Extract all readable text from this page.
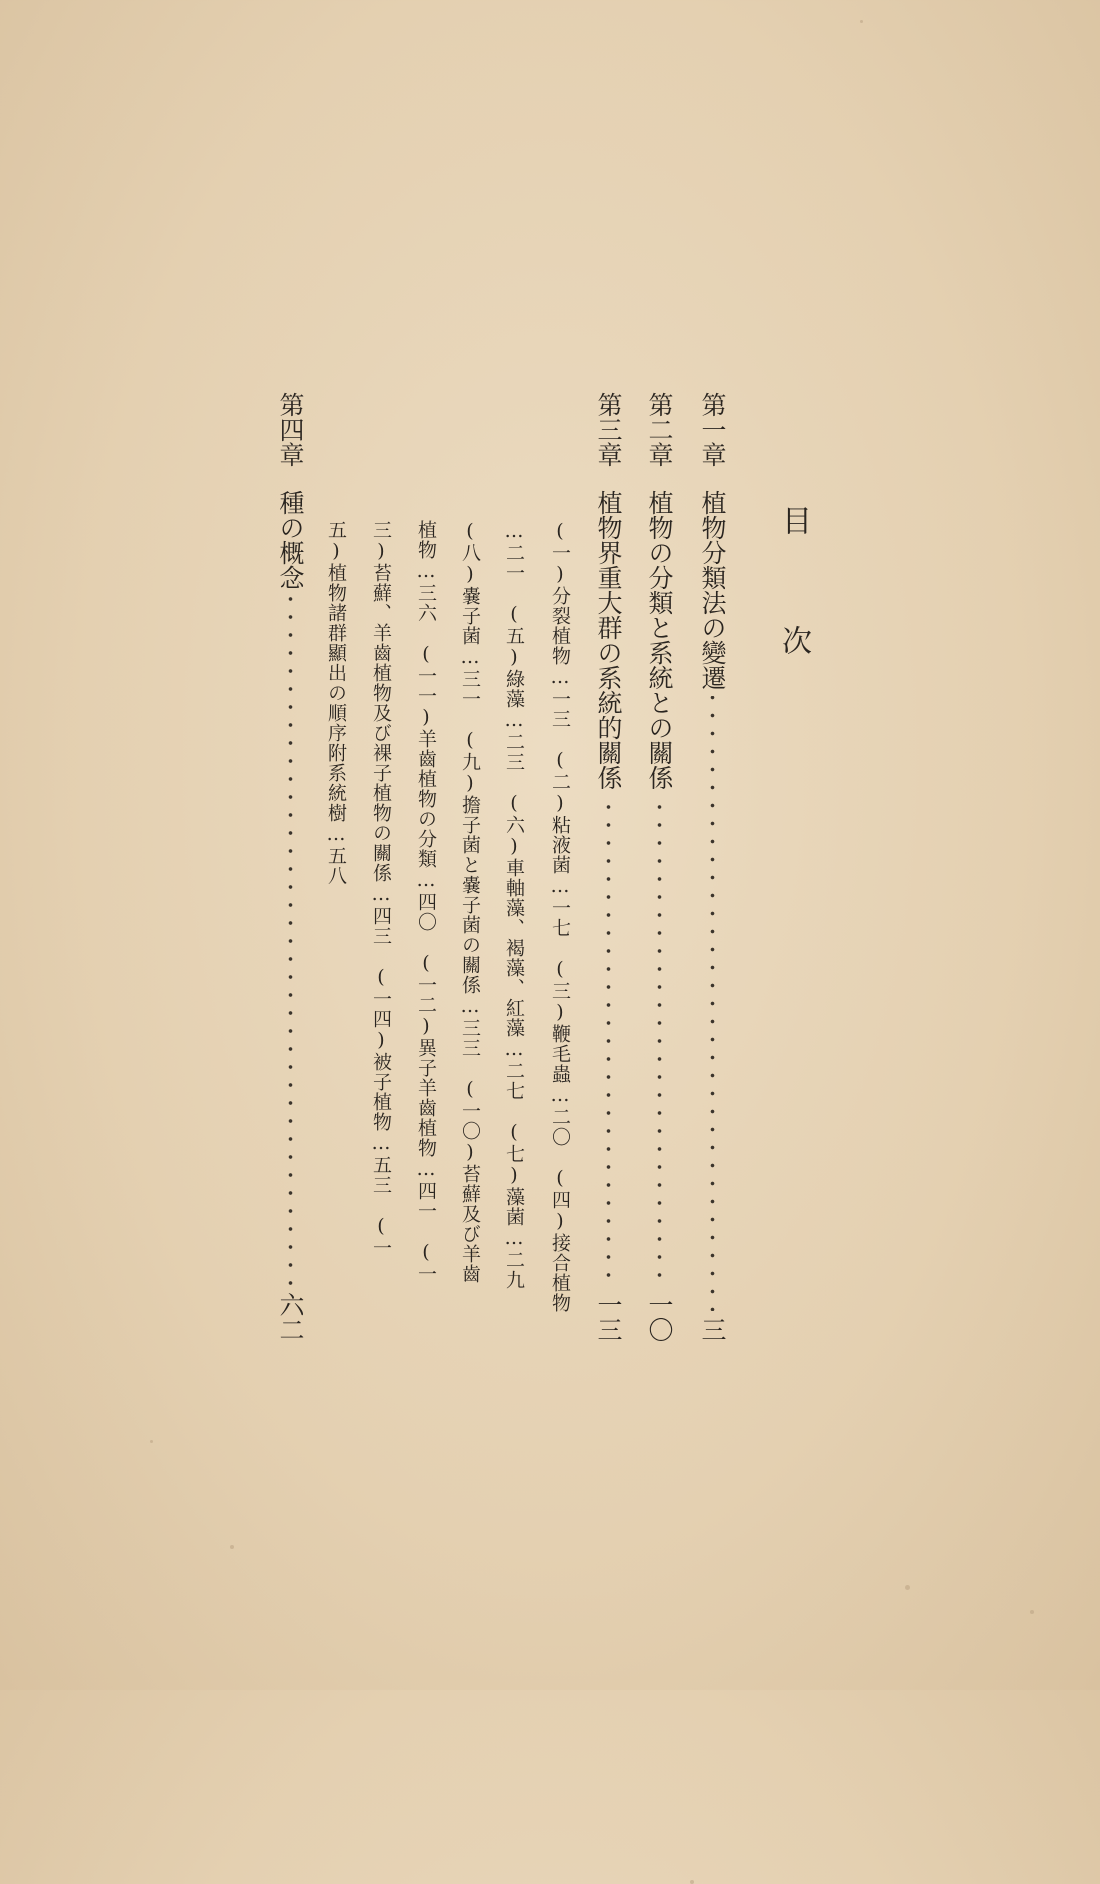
目　次
第一章
植物分類法の變遷
三
第二章
植物の分類と系統との關係
一〇
第三章
植物界重大群の系統的關係
一三
(一)分裂植物…一三　(二)粘液菌…一七　(三)鞭毛蟲…二〇　(四)接合植物
…二一　(五)綠藻…二三　(六)車軸藻、褐藻、紅藻…二七　(七)藻菌…二九
(八)嚢子菌…三一　(九)擔子菌と嚢子菌の關係…三三　(一〇)苔蘚及び羊齒
植物…三六　(一一)羊齒植物の分類…四〇　(一二)異子羊齒植物…四一　(一
三)苔蘚、羊齒植物及び裸子植物の關係…四三　(一四)被子植物…五三　(一
五)植物諸群顯出の順序附系統樹…五八
第四章
種の概念
六二
